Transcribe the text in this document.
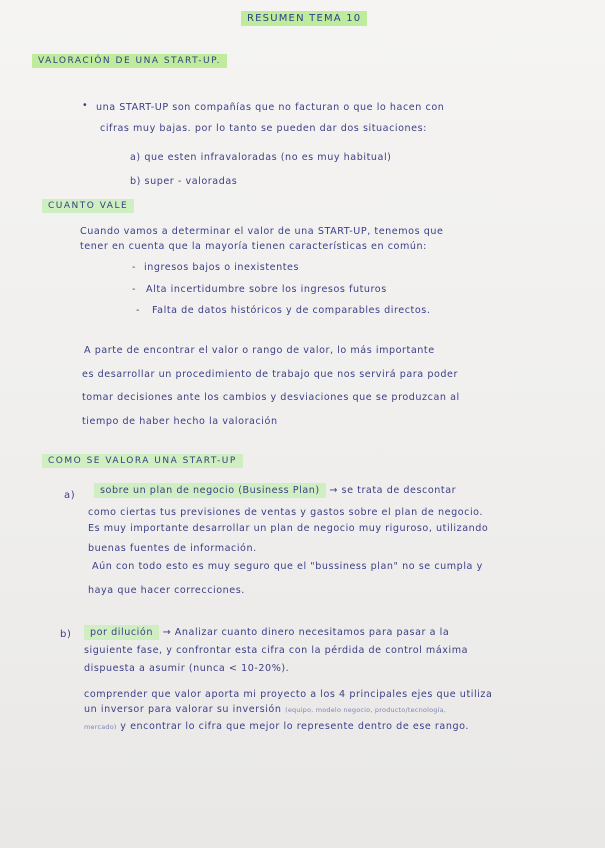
RESUMEN TEMA 10
VALORACIÓN DE UNA START-UP.
• una START-UP son compañías que no facturan o que lo hacen con
cifras muy bajas. por lo tanto se pueden dar dos situaciones:
a) que esten infravaloradas (no es muy habitual)
b) super - valoradas
CUANTO VALE
Cuando vamos a determinar el valor de una START-UP, tenemos que
tener en cuenta que la mayoría tienen características en común:
- ingresos bajos o inexistentes
- Alta incertidumbre sobre los ingresos futuros
- Falta de datos históricos y de comparables directos.
A parte de encontrar el valor o rango de valor, lo más importante
es desarrollar un procedimiento de trabajo que nos servirá para poder
tomar decisiones ante los cambios y desviaciones que se produzcan al
tiempo de haber hecho la valoración
COMO SE VALORA UNA START-UP
a)	sobre un plan de negocio (Business Plan) → se trata de descontar
como ciertas tus previsiones de ventas y gastos sobre el plan de negocio.
Es muy importante desarrollar un plan de negocio muy riguroso, utilizando
buenas fuentes de información.
Aún con todo esto es muy seguro que el "bussiness plan" no se cumpla y
haya que hacer correcciones.
b)	por dilución → Analizar cuanto dinero necesitamos para pasar a la
siguiente fase, y confrontar esta cifra con la pérdida de control máxima
dispuesta a asumir (nunca < 10-20%).
comprender que valor aporta mi proyecto a los 4 principales ejes que utiliza
un inversor para valorar su inversión (equipo, modelo negocio, producto/tecnología,
mercado) y encontrar lo cifra que mejor lo represente dentro de ese rango.
